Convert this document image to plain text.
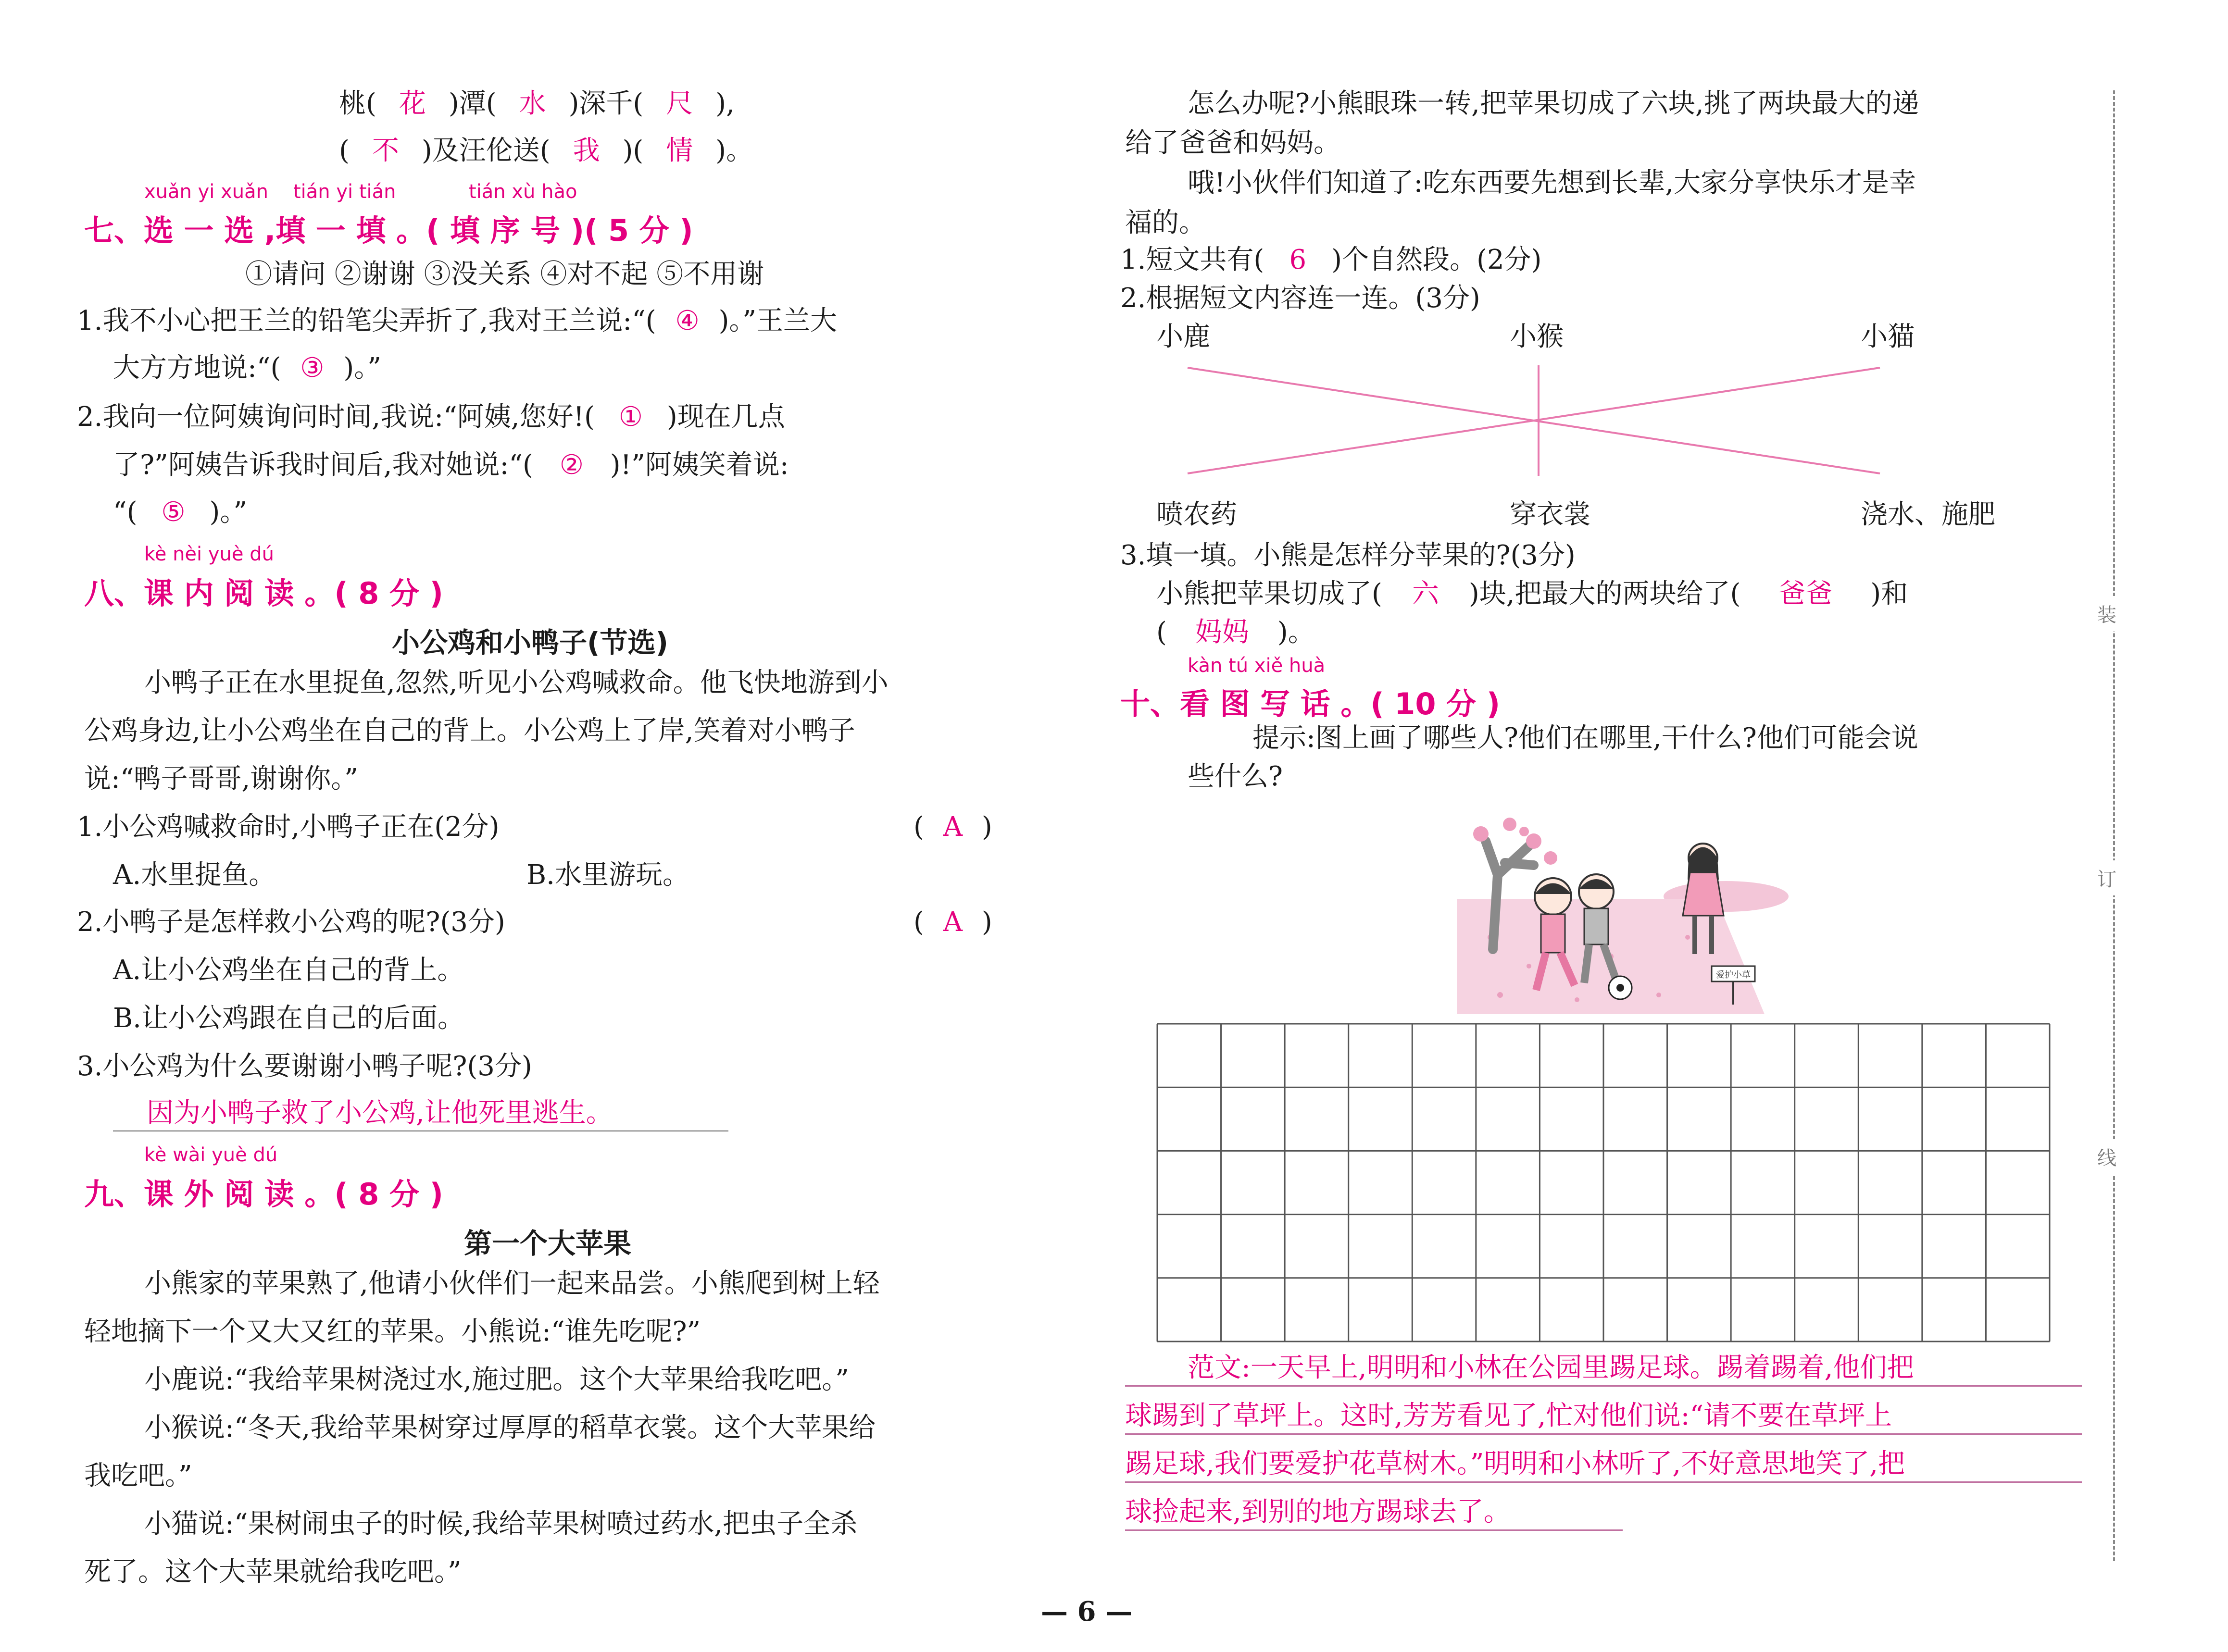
桃( 花 )潭( 水 )深千( 尺 ),
( 不 )及汪伦送( 我 )( 情 )。
xuǎn yi xuǎn tián yi tián	tián xù hào
七、选 一 选 ,填 一 填 。( 填 序 号 )( 5 分 )
①请问 ②谢谢 ③没关系 ④对不起 ⑤不用谢
1.我不小心把王兰的铅笔尖弄折了,我对王兰说:“( ④ )。”王兰大
大方方地说:“( ③ )。”
2.我向一位阿姨询问时间,我说:“阿姨,您好!( ① )现在几点
了?”阿姨告诉我时间后,我对她说:“( ② )!”阿姨笑着说:
“( ⑤ )。”
kè nèi yuè dú
八、课 内 阅 读 。( 8 分 )
小公鸡和小鸭子(节选)
小鸭子正在水里捉鱼,忽然,听见小公鸡喊救命。他飞快地游到小
公鸡身边,让小公鸡坐在自己的背上。小公鸡上了岸,笑着对小鸭子
说:“鸭子哥哥,谢谢你。”
1.小公鸡喊救命时,小鸭子正在(2分)	( A )
A.水里捉鱼。	B.水里游玩。
2.小鸭子是怎样救小公鸡的呢?(3分)	( A )
A.让小公鸡坐在自己的背上。
B.让小公鸡跟在自己的后面。
3.小公鸡为什么要谢谢小鸭子呢?(3分)
因为小鸭子救了小公鸡,让他死里逃生。
kè wài yuè dú
九、课 外 阅 读 。( 8 分 )
第一个大苹果
小熊家的苹果熟了,他请小伙伴们一起来品尝。小熊爬到树上轻
轻地摘下一个又大又红的苹果。小熊说:“谁先吃呢?”
小鹿说:“我给苹果树浇过水,施过肥。这个大苹果给我吃吧。”
小猴说:“冬天,我给苹果树穿过厚厚的稻草衣裳。这个大苹果给
我吃吧。”
小猫说:“果树闹虫子的时候,我给苹果树喷过药水,把虫子全杀
死了。这个大苹果就给我吃吧。”
怎么办呢?小熊眼珠一转,把苹果切成了六块,挑了两块最大的递
给了爸爸和妈妈。
哦!小伙伴们知道了:吃东西要先想到长辈,大家分享快乐才是幸
福的。
1.短文共有( 6 )个自然段。(2分)
2.根据短文内容连一连。(3分)
小鹿	小猴	小猫
喷农药	穿衣裳	浇水、施肥
3.填一填。小熊是怎样分苹果的?(3分)
小熊把苹果切成了( 六 )块,把最大的两块给了( 爸爸 )和
( 妈妈 )。
kàn tú xiě huà
十、看 图 写 话 。( 10 分 )
提示:图上画了哪些人?他们在哪里,干什么?他们可能会说
些什么?
爱护小草
范文:一天早上,明明和小林在公园里踢足球。踢着踢着,他们把
球踢到了草坪上。这时,芳芳看见了,忙对他们说:“请不要在草坪上
踢足球,我们要爱护花草树木。”明明和小林听了,不好意思地笑了,把
球捡起来,到别的地方踢球去了。
装
订
线
— 6 —
